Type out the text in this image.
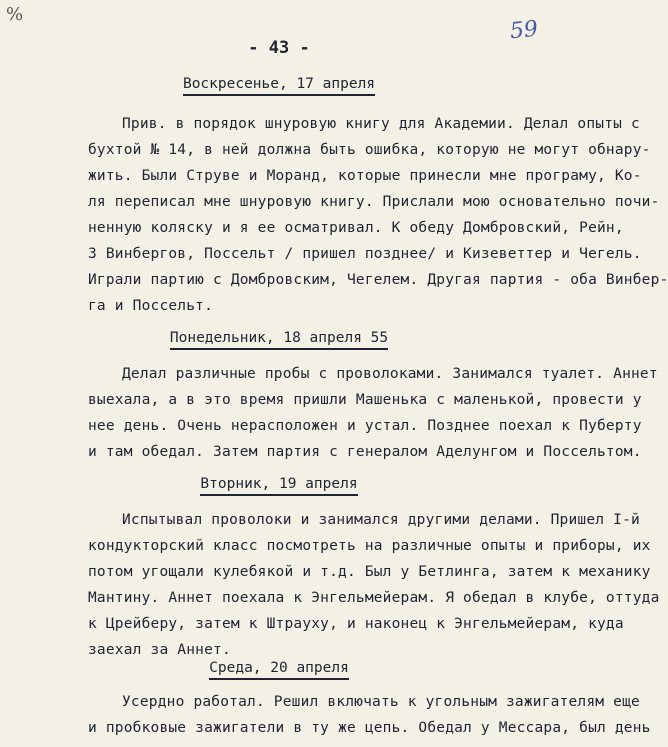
%
- 43 -
59
Воскресенье, 17 апреля
Прив. в порядок шнуровую книгу для Академии. Делал опыты с
бухтой № 14, в ней должна быть ошибка, которую не могут обнару-
жить. Были Струве и Моранд, которые принесли мне програму, Ко-
ля переписал мне шнуровую книгу. Прислали мою основательно почи-
ненную коляску и я ее осматривал. К обеду Домбровский, Рейн,
3 Винбергов, Поссельт / пришел позднее/ и Кизеветтер и Чегель.
Играли партию с Домбровским, Чегелем. Другая партия - оба Винбер-
га и Поссельт.
Понедельник, 18 апреля 55
Делал различные пробы с проволоками. Занимался туалет. Аннет
выехала, а в это время пришли Машенька с маленькой, провести у
нее день. Очень нерасположен и устал. Позднее поехал к Пуберту
и там обедал. Затем партия с генералом Аделунгом и Поссельтом.
Вторник, 19 апреля
Испытывал проволоки и занимался другими делами. Пришел I-й
кондукторский класс посмотреть на различные опыты и приборы, их
потом угощали кулебякой и т.д. Был у Бетлинга, затем к механику
Мантину. Аннет поехала к Энгельмейерам. Я обедал в клубе, оттуда
к Црейберу, затем к Штрауху, и наконец к Энгельмейерам, куда
заехал за Аннет.
Среда, 20 апреля
Усердно работал. Решил включать к угольным зажигателям еще
и пробковые зажигатели в ту же цепь. Обедал у Мессара, был день
